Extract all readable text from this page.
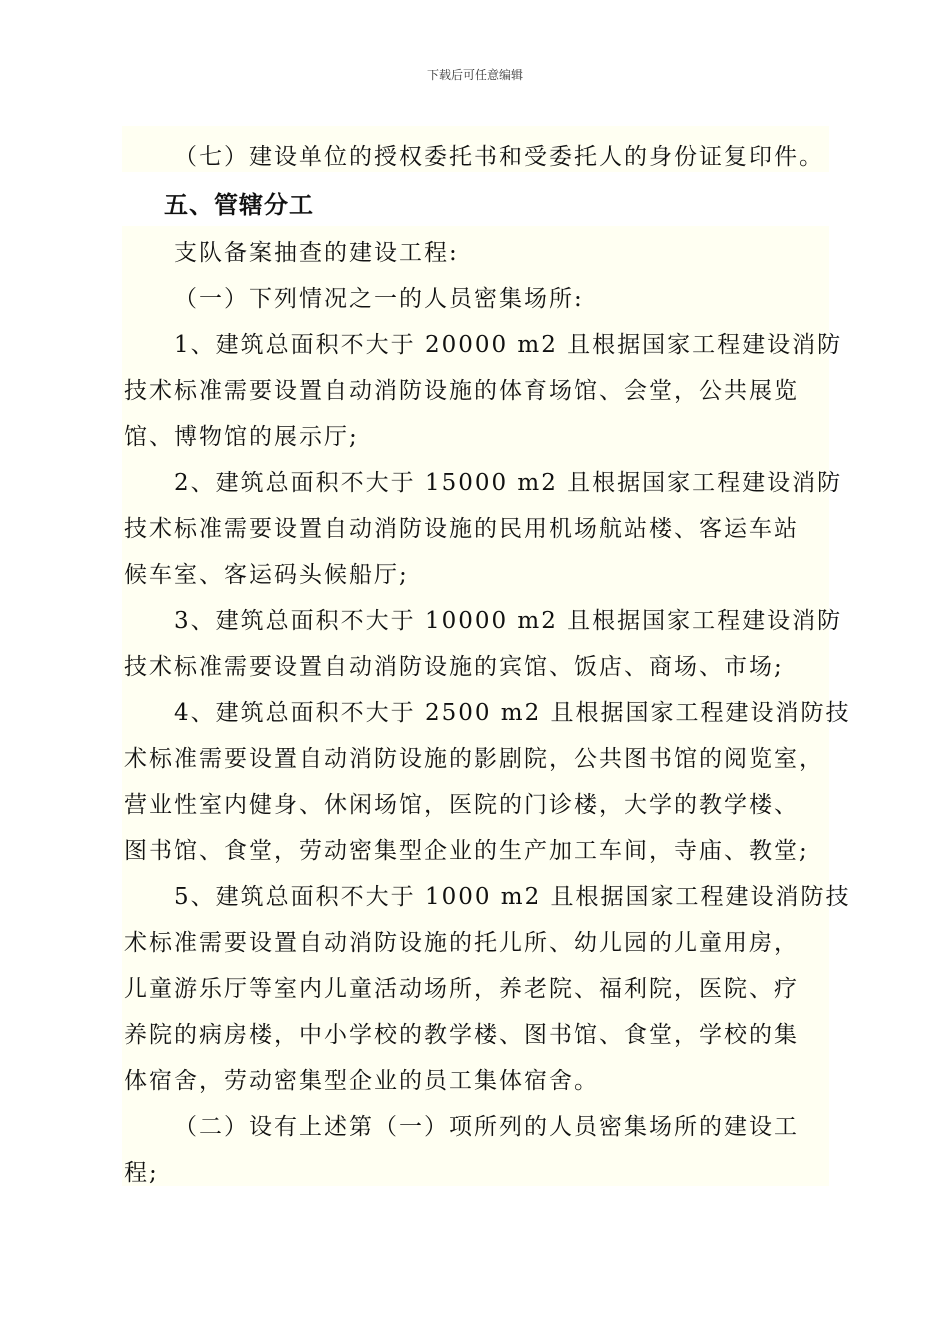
下载后可任意编辑
（七）建设单位的授权委托书和受委托人的身份证复印件。
五、管辖分工
支队备案抽查的建设工程:
（一）下列情况之一的人员密集场所:
1、建筑总面积不大于 20000 m2 且根据国家工程建设消防
技术标准需要设置自动消防设施的体育场馆、会堂，公共展览
馆、博物馆的展示厅;
2、建筑总面积不大于 15000 m2 且根据国家工程建设消防
技术标准需要设置自动消防设施的民用机场航站楼、客运车站
候车室、客运码头候船厅;
3、建筑总面积不大于 10000 m2 且根据国家工程建设消防
技术标准需要设置自动消防设施的宾馆、饭店、商场、市场;
4、建筑总面积不大于 2500 m2 且根据国家工程建设消防技
术标准需要设置自动消防设施的影剧院，公共图书馆的阅览室，
营业性室内健身、休闲场馆，医院的门诊楼，大学的教学楼、
图书馆、食堂，劳动密集型企业的生产加工车间，寺庙、教堂;
5、建筑总面积不大于 1000 m2 且根据国家工程建设消防技
术标准需要设置自动消防设施的托儿所、幼儿园的儿童用房，
儿童游乐厅等室内儿童活动场所，养老院、福利院，医院、疗
养院的病房楼，中小学校的教学楼、图书馆、食堂，学校的集
体宿舍，劳动密集型企业的员工集体宿舍。
（二）设有上述第（一）项所列的人员密集场所的建设工
程;
